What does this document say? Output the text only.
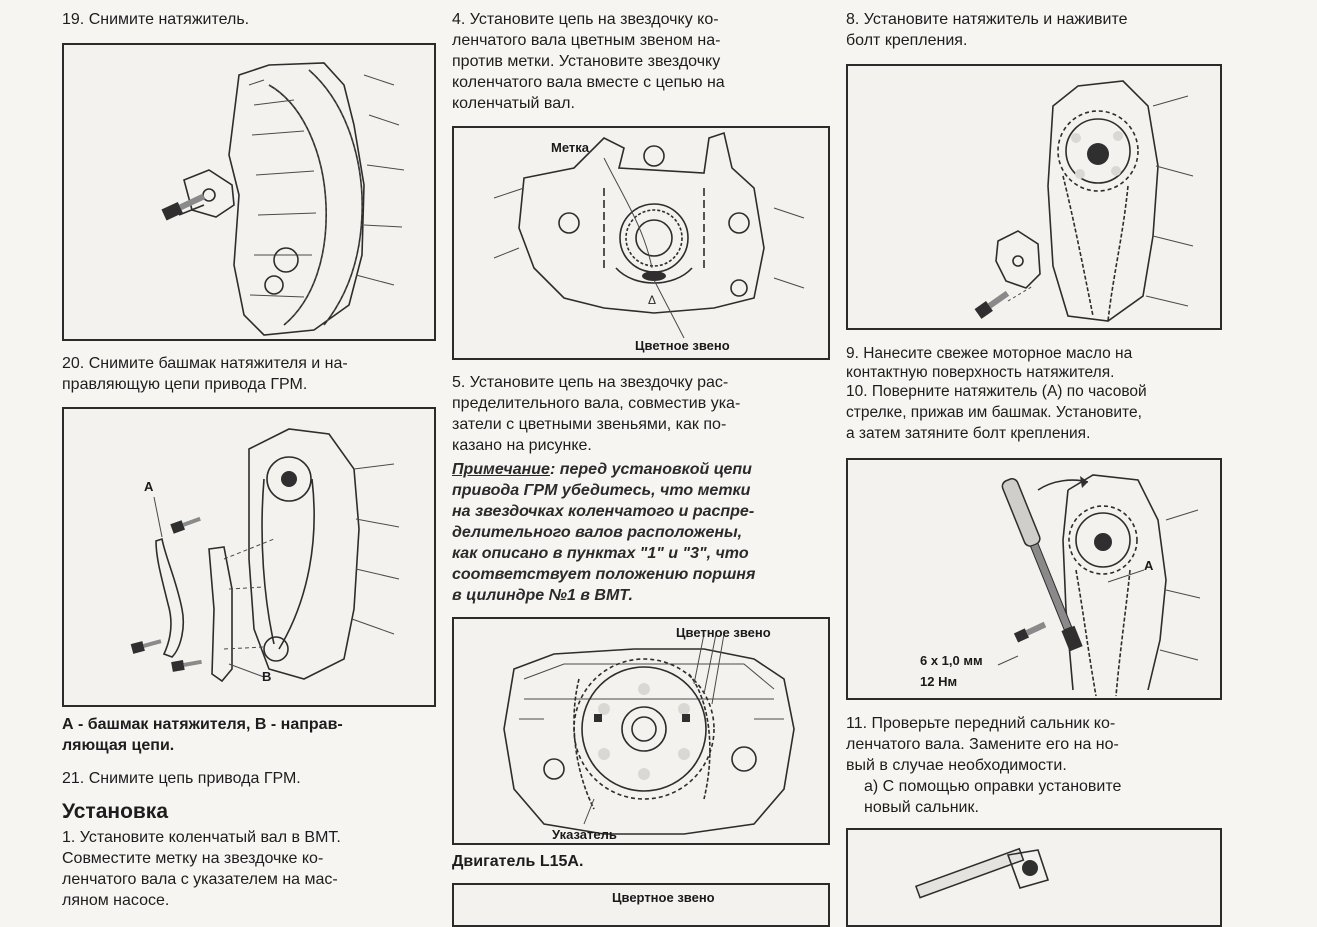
19. Снимите натяжитель.

20. Снимите башмак натяжителя и на-

правляющую цепи привода ГРМ.

A
B

А - башмак натяжителя, В - направ-

ляющая цепи.

21. Снимите цепь привода ГРМ.

Установка

1. Установите коленчатый вал в ВМТ.

Совместите метку на звездочке ко-

ленчатого вала с указателем на мас-

ляном насосе.

4. Установите цепь на звездочку ко-

ленчатого вала цветным звеном на-

против метки. Установите звездочку

коленчатого вала вместе с цепью на

коленчатый вал.

Δ
Метка
Цветное звено

5. Установите цепь на звездочку рас-

пределительного вала, совместив ука-

затели с цветными звеньями, как по-

казано на рисунке.

Примечание: перед установкой цепи

привода ГРМ убедитесь, что метки

на звездочках коленчатого и распре-

делительного валов расположены,

как описано в пунктах "1" и "3", что

соответствует положению поршня

в цилиндре №1 в ВМТ.

Цветное звено
Указатель

Двигатель L15A.

Цвертное звено

8. Установите натяжитель и наживите

болт крепления.

9. Нанесите свежее моторное масло на

контактную поверхность натяжителя.

10. Поверните натяжитель (А) по часовой

стрелке, прижав им башмак. Установите,

а затем затяните болт крепления.

A
6 x 1,0 мм
12 Нм

11. Проверьте передний сальник ко-

ленчатого вала. Замените его на но-

вый в случае необходимости.

а) С помощью оправки установите

новый сальник.
